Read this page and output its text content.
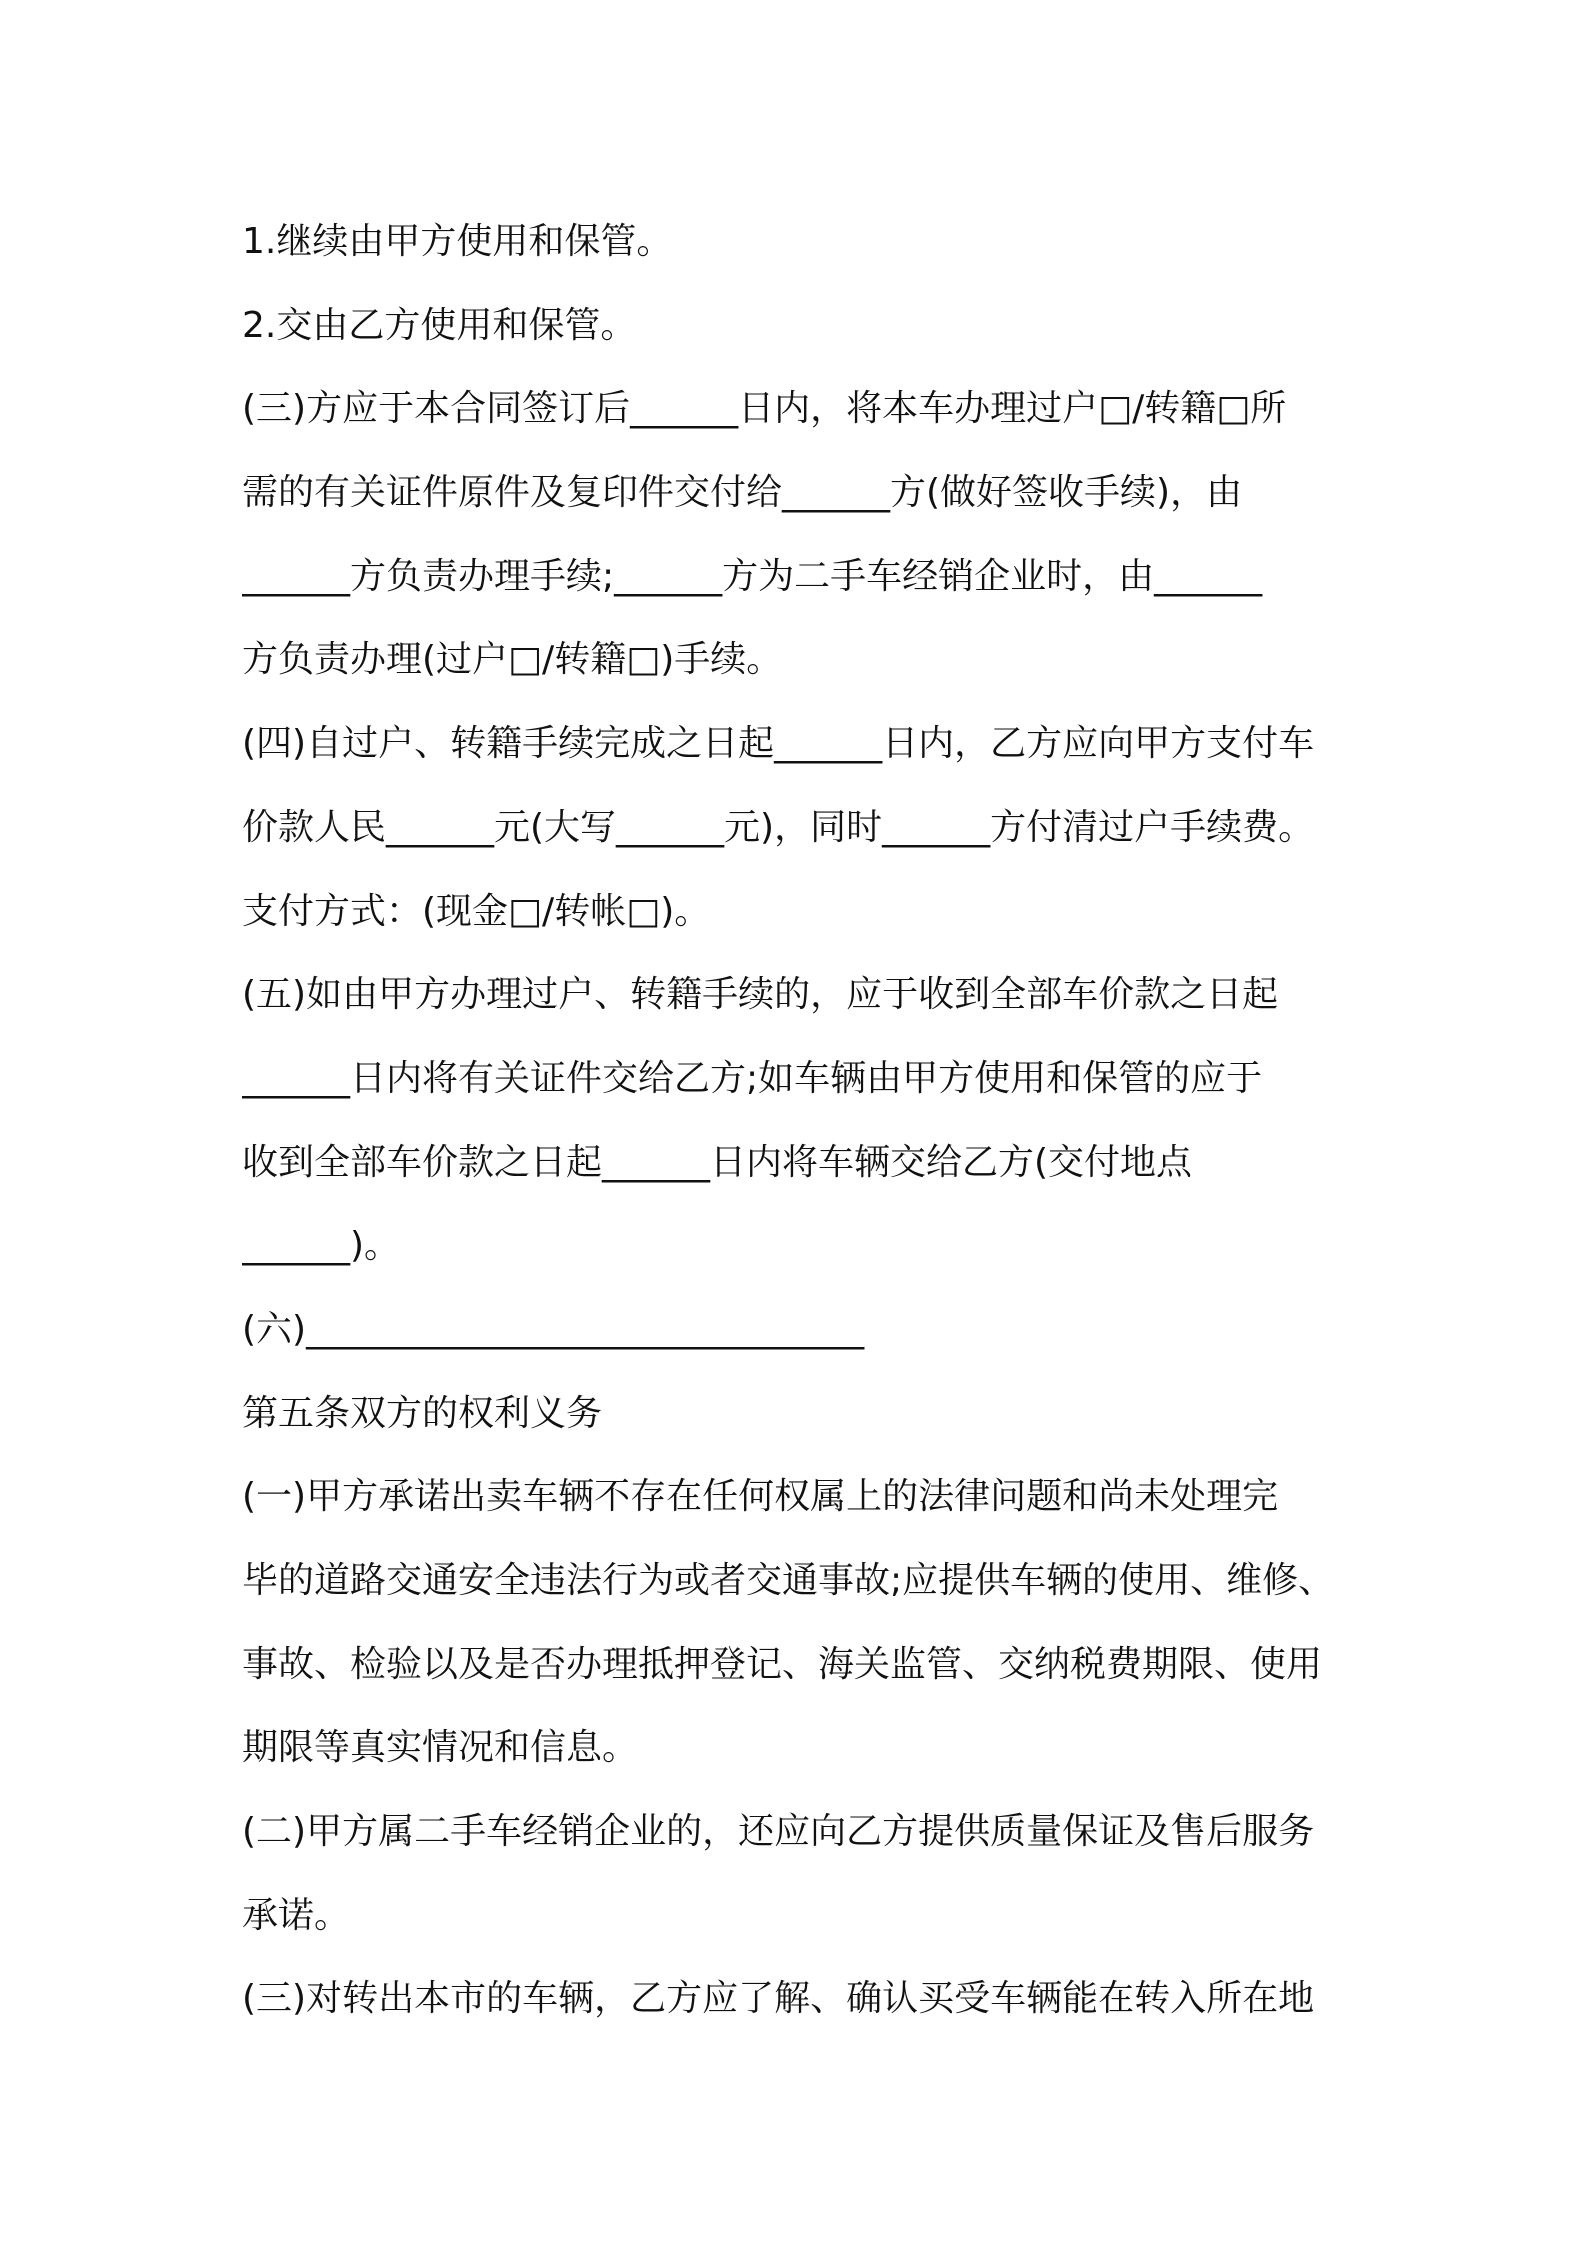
1.继续由甲方使用和保管。
2.交由乙方使用和保管。
(三)方应于本合同签订后______日内，将本车办理过户□/转籍□所
需的有关证件原件及复印件交付给______方(做好签收手续)，由
______方负责办理手续;______方为二手车经销企业时，由______
方负责办理(过户□/转籍□)手续。
(四)自过户、转籍手续完成之日起______日内，乙方应向甲方支付车
价款人民______元(大写______元)，同时______方付清过户手续费。
支付方式：(现金□/转帐□)。
(五)如由甲方办理过户、转籍手续的，应于收到全部车价款之日起
______日内将有关证件交给乙方;如车辆由甲方使用和保管的应于
收到全部车价款之日起______日内将车辆交给乙方(交付地点
______)。
(六)_______________________________
第五条双方的权利义务
(一)甲方承诺出卖车辆不存在任何权属上的法律问题和尚未处理完
毕的道路交通安全违法行为或者交通事故;应提供车辆的使用、维修、
事故、检验以及是否办理抵押登记、海关监管、交纳税费期限、使用
期限等真实情况和信息。
(二)甲方属二手车经销企业的，还应向乙方提供质量保证及售后服务
承诺。
(三)对转出本市的车辆，乙方应了解、确认买受车辆能在转入所在地
